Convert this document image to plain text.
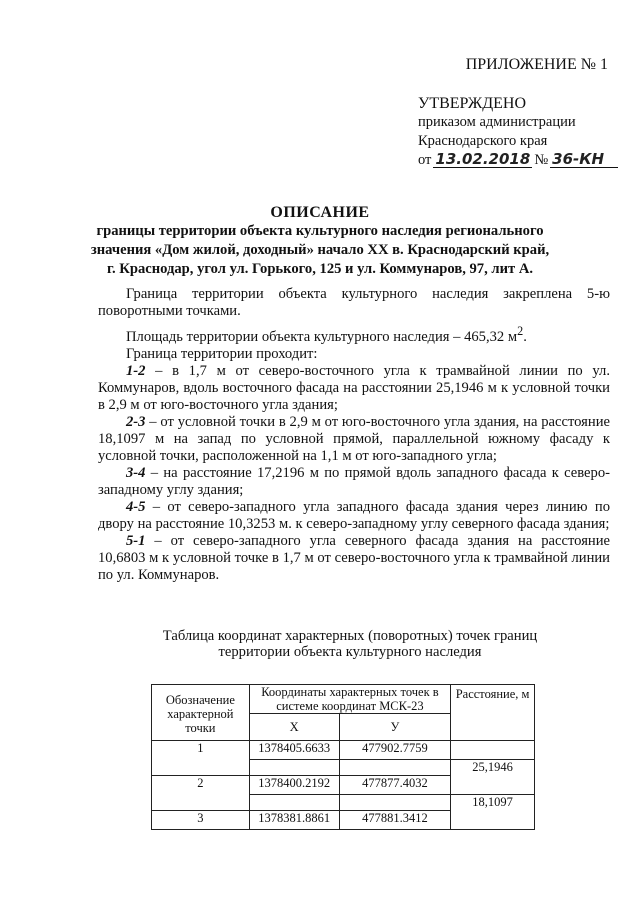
ПРИЛОЖЕНИЕ № 1
УТВЕРЖДЕНО
приказом администрации
Краснодарского края
от 13.02.2018 № 36-КН
ОПИСАНИЕ
границы территории объекта культурного наследия регионального
значения «Дом жилой, доходный» начало XX в. Краснодарский край,
г. Краснодар, угол ул. Горького, 125 и ул. Коммунаров, 97, лит А.

Граница территории объекта культурного наследия закреплена 5-ю поворотными точками.

Площадь территории объекта культурного наследия – 465,32 $м^2$.

Граница территории проходит:

1-2 – в 1,7 м от северо-восточного угла к трамвайной линии по ул. Коммунаров, вдоль восточного фасада на расстоянии 25,1946 м к условной точки в 2,9 м от юго-восточного угла здания;

2-3 – от условной точки в 2,9 м от юго-восточного угла здания, на расстояние 18,1097 м на запад по условной прямой, параллельной южному фасаду к условной точки, расположенной на 1,1 м от юго-западного угла;

3-4 – на расстояние 17,2196 м по прямой вдоль западного фасада к северо-западному углу здания;

4-5 – от северо-западного угла западного фасада здания через линию по двору на расстояние 10,3253 м. к северо-западному углу северного фасада здания;

5-1 – от северо-западного угла северного фасада здания на расстояние 10,6803 м к условной точке в 1,7 м от северо-восточного угла к трамвайной линии по ул. Коммунаров.

Таблица координат характерных (поворотных) точек границ
территории объекта культурного наследия
Обозначение характерной точки	Координаты характерных точек в системе координат МСК-23		Расстояние, м
	X	У	
1	1378405.6633	477902.7759	
			25,1946
2	1378400.2192	477877.4032	
			18,1097
3	1378381.8861	477881.3412	
